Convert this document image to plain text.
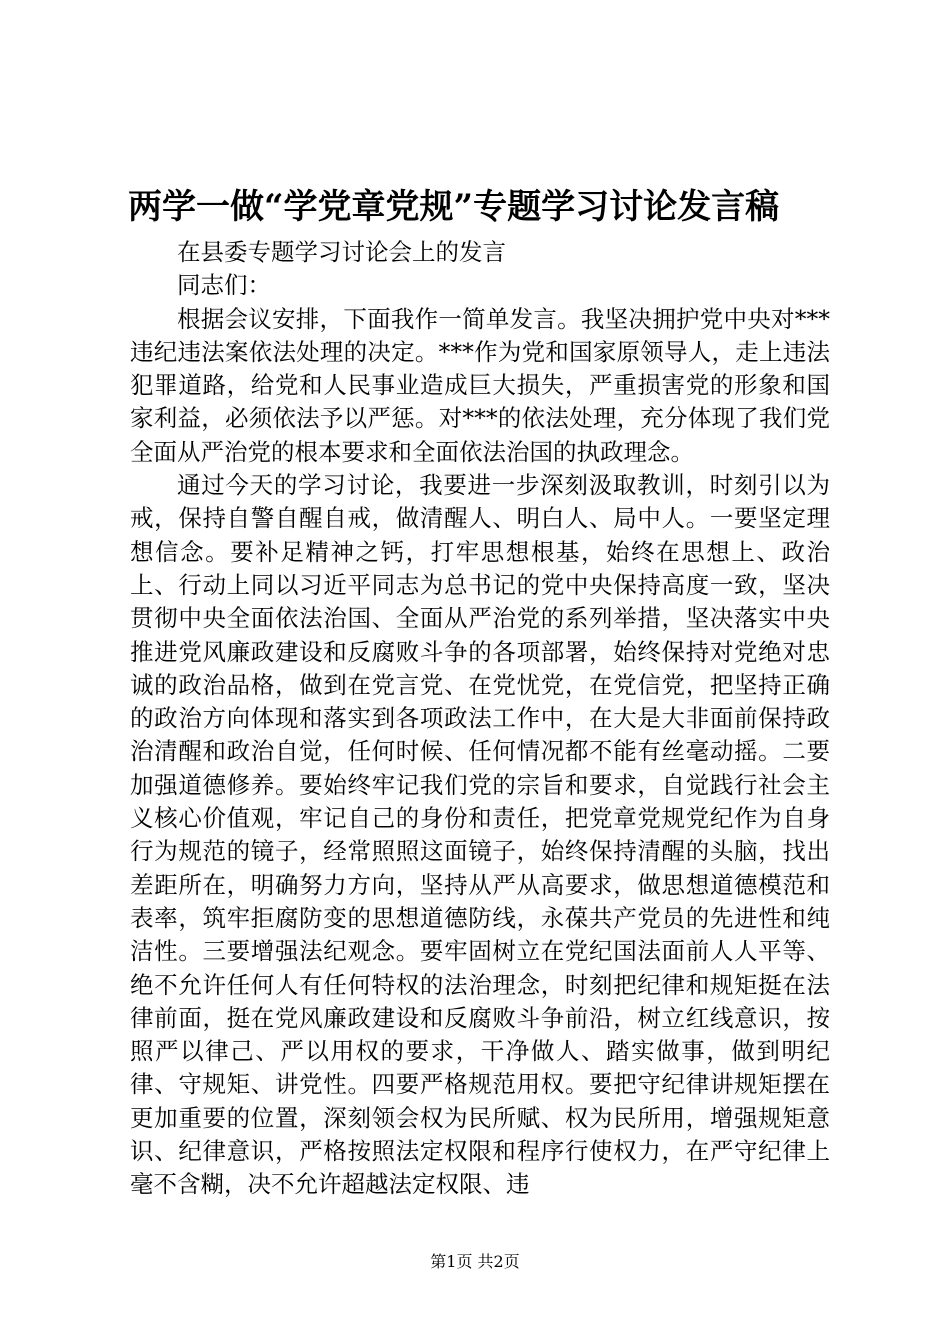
两学一做“学党章党规”专题学习讨论发言稿

在县委专题学习讨论会上的发言

同志们：

根据会议安排，下面我作一简单发言。我坚决拥护党中央对***违纪违法案依法处理的决定。***作为党和国家原领导人，走上违法犯罪道路，给党和人民事业造成巨大损失，严重损害党的形象和国家利益，必须依法予以严惩。对***的依法处理，充分体现了我们党全面从严治党的根本要求和全面依法治国的执政理念。

通过今天的学习讨论，我要进一步深刻汲取教训，时刻引以为戒，保持自警自醒自戒，做清醒人、明白人、局中人。一要坚定理想信念。要补足精神之钙，打牢思想根基，始终在思想上、政治上、行动上同以习近平同志为总书记的党中央保持高度一致，坚决贯彻中央全面依法治国、全面从严治党的系列举措，坚决落实中央推进党风廉政建设和反腐败斗争的各项部署，始终保持对党绝对忠诚的政治品格，做到在党言党、在党忧党，在党信党，把坚持正确的政治方向体现和落实到各项政法工作中，在大是大非面前保持政治清醒和政治自觉，任何时候、任何情况都不能有丝毫动摇。二要加强道德修养。要始终牢记我们党的宗旨和要求，自觉践行社会主义核心价值观，牢记自己的身份和责任，把党章党规党纪作为自身行为规范的镜子，经常照照这面镜子，始终保持清醒的头脑，找出差距所在，明确努力方向，坚持从严从高要求，做思想道德模范和表率，筑牢拒腐防变的思想道德防线，永葆共产党员的先进性和纯洁性。三要增强法纪观念。要牢固树立在党纪国法面前人人平等、绝不允许任何人有任何特权的法治理念，时刻把纪律和规矩挺在法律前面，挺在党风廉政建设和反腐败斗争前沿，树立红线意识，按照严以律己、严以用权的要求，干净做人、踏实做事，做到明纪律、守规矩、讲党性。四要严格规范用权。要把守纪律讲规矩摆在更加重要的位置，深刻领会权为民所赋、权为民所用，增强规矩意识、纪律意识，严格按照法定权限和程序行使权力，在严守纪律上毫不含糊，决不允许超越法定权限、违

第1页 共2页
